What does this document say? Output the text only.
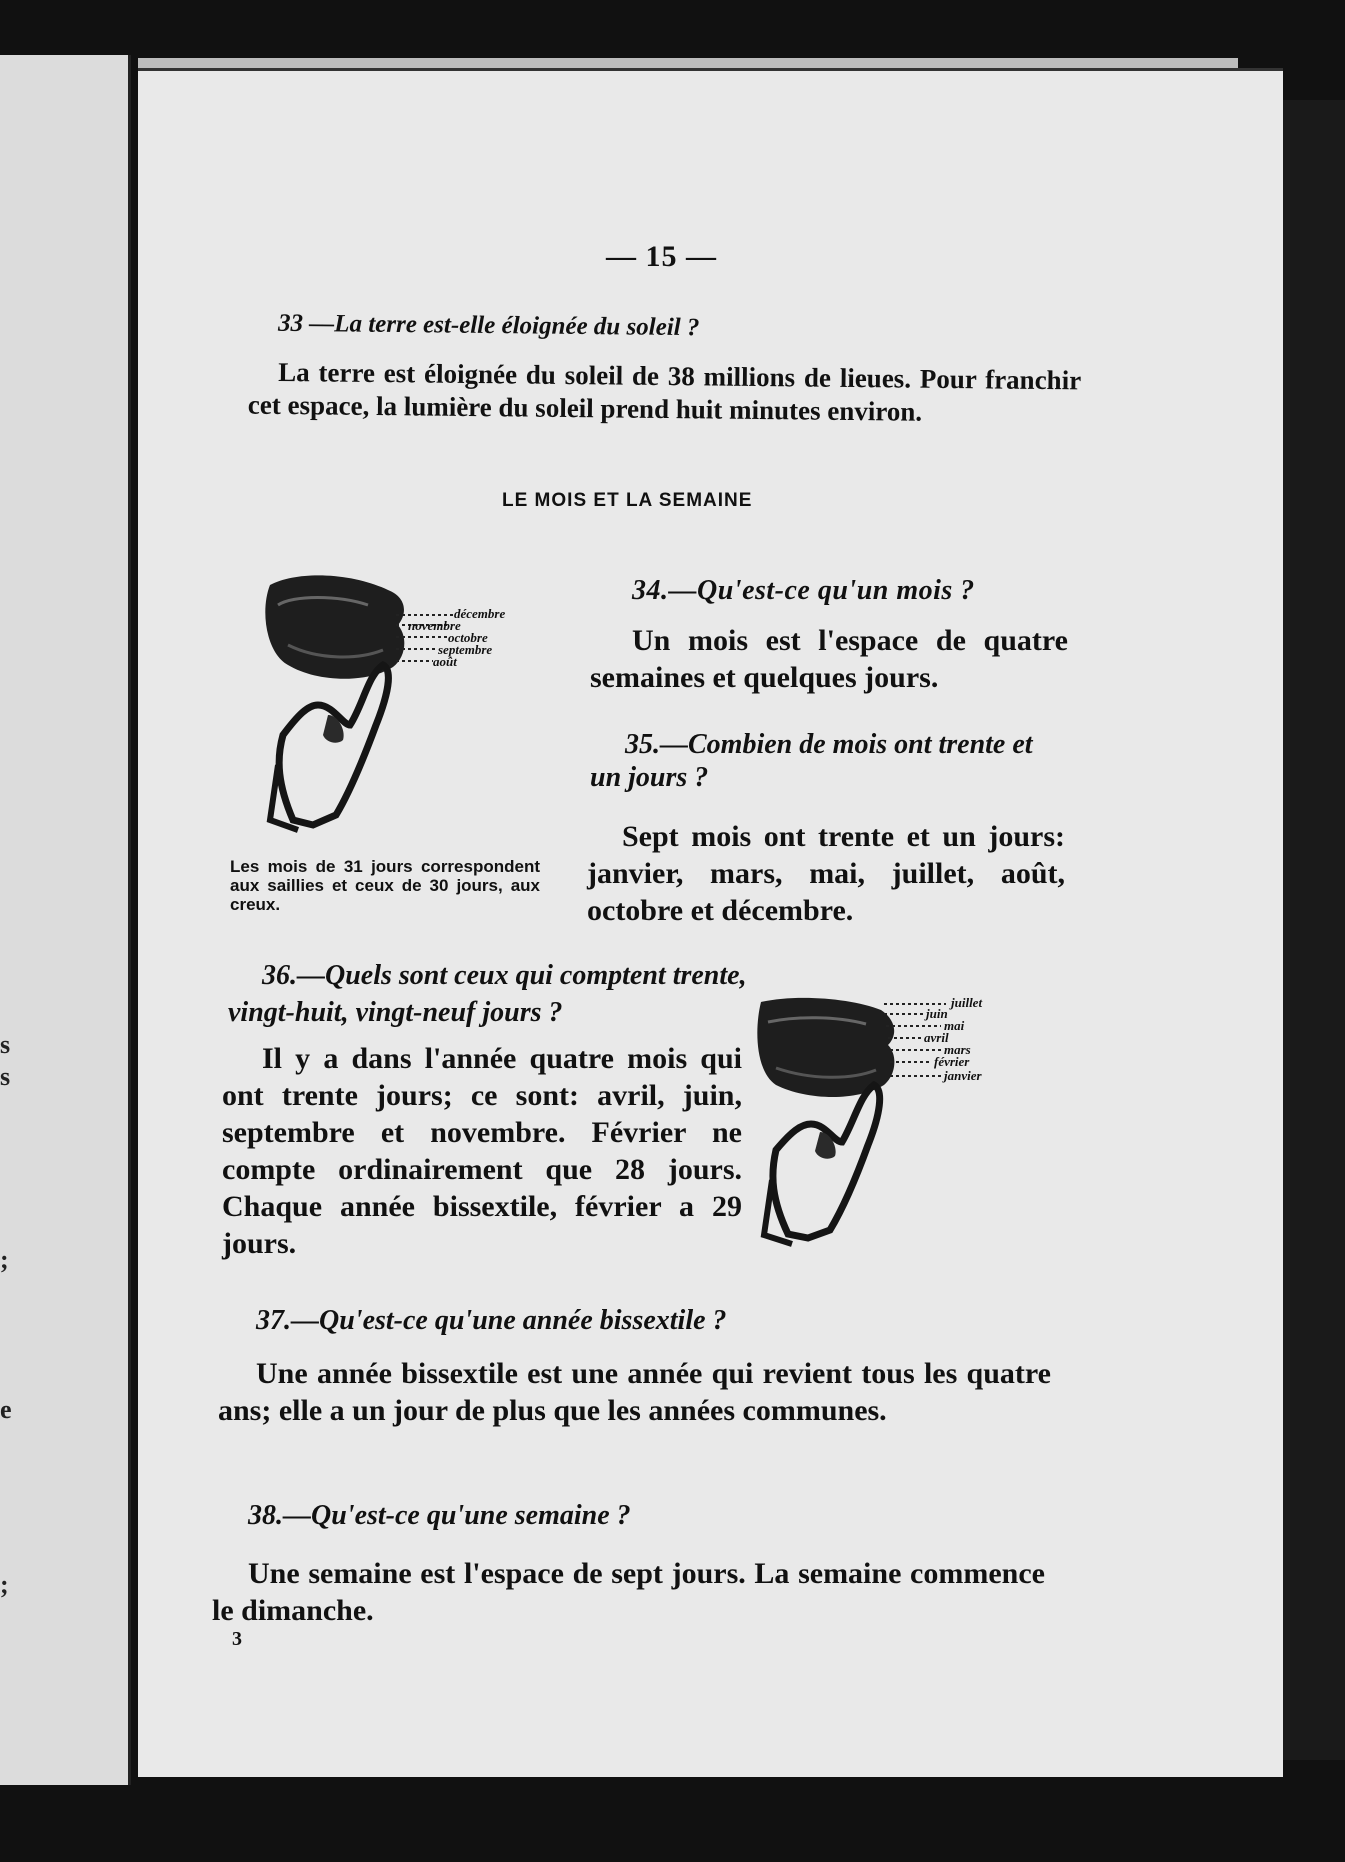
s
s
;
e
;
— 15 —
33 —La terre est-elle éloignée du soleil ?
La terre est éloignée du soleil de 38 millions de lieues. Pour franchir cet espace, la lumière du soleil prend huit minutes environ.
LE MOIS ET LA SEMAINE
décembre
novembre
octobre
septembre
août
Les mois de 31 jours correspondent aux saillies et ceux de 30 jours, aux creux.
34.—Qu'est-ce qu'un mois ?
Un mois est l'espace de quatre semaines et quelques jours.
35.—Combien de mois ont trente et un jours ?
Sept mois ont trente et un jours: janvier, mars, mai, juillet, août, octobre et décembre.
36.—Quels sont ceux qui comptent trente, vingt-huit, vingt-neuf jours ?
Il y a dans l'année quatre mois qui ont trente jours; ce sont: avril, juin, septembre et novembre. Février ne compte ordinairement que 28 jours. Chaque année bissextile, février a 29 jours.
juillet
juin
mai
avril
mars
février
janvier
37.—Qu'est-ce qu'une année bissextile ?
Une année bissextile est une année qui revient tous les quatre ans; elle a un jour de plus que les années communes.
38.—Qu'est-ce qu'une semaine ?
Une semaine est l'espace de sept jours. La semaine commence le dimanche.
3
